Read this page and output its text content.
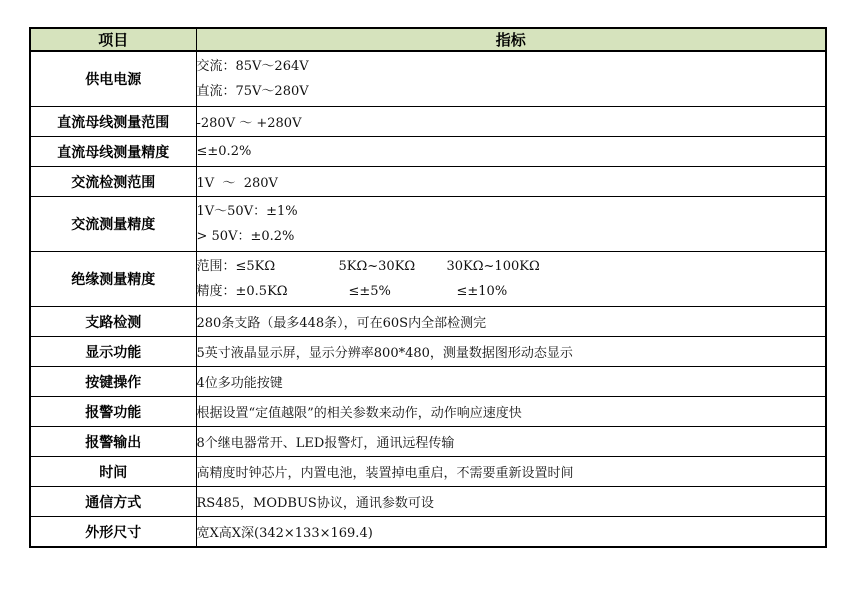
项目	指标
供电电源	交流：85V～264V
直流：75V～280V

直流母线测量范围	-280V ～ +280V
直流母线测量精度	≤±0.2%
交流检测范围	1V  ～  280V
交流测量精度	1V～50V：±1%
> 50V：±0.2%

绝缘测量精度	范围：≤5KΩ 5KΩ~30KΩ 30KΩ~100KΩ
精度：±0.5KΩ ≤±5% ≤±10%

支路检测	280条支路（最多448条），可在60S内全部检测完
显示功能	5英寸液晶显示屏，显示分辨率800*480，测量数据图形动态显示
按键操作	4位多功能按键
报警功能	根据设置“定值越限”的相关参数来动作，动作响应速度快
报警输出	8个继电器常开、LED报警灯，通讯远程传输
时间	高精度时钟芯片，内置电池，装置掉电重启，不需要重新设置时间
通信方式	RS485，MODBUS协议，通讯参数可设
外形尺寸	宽X高X深(342×133×169.4)
